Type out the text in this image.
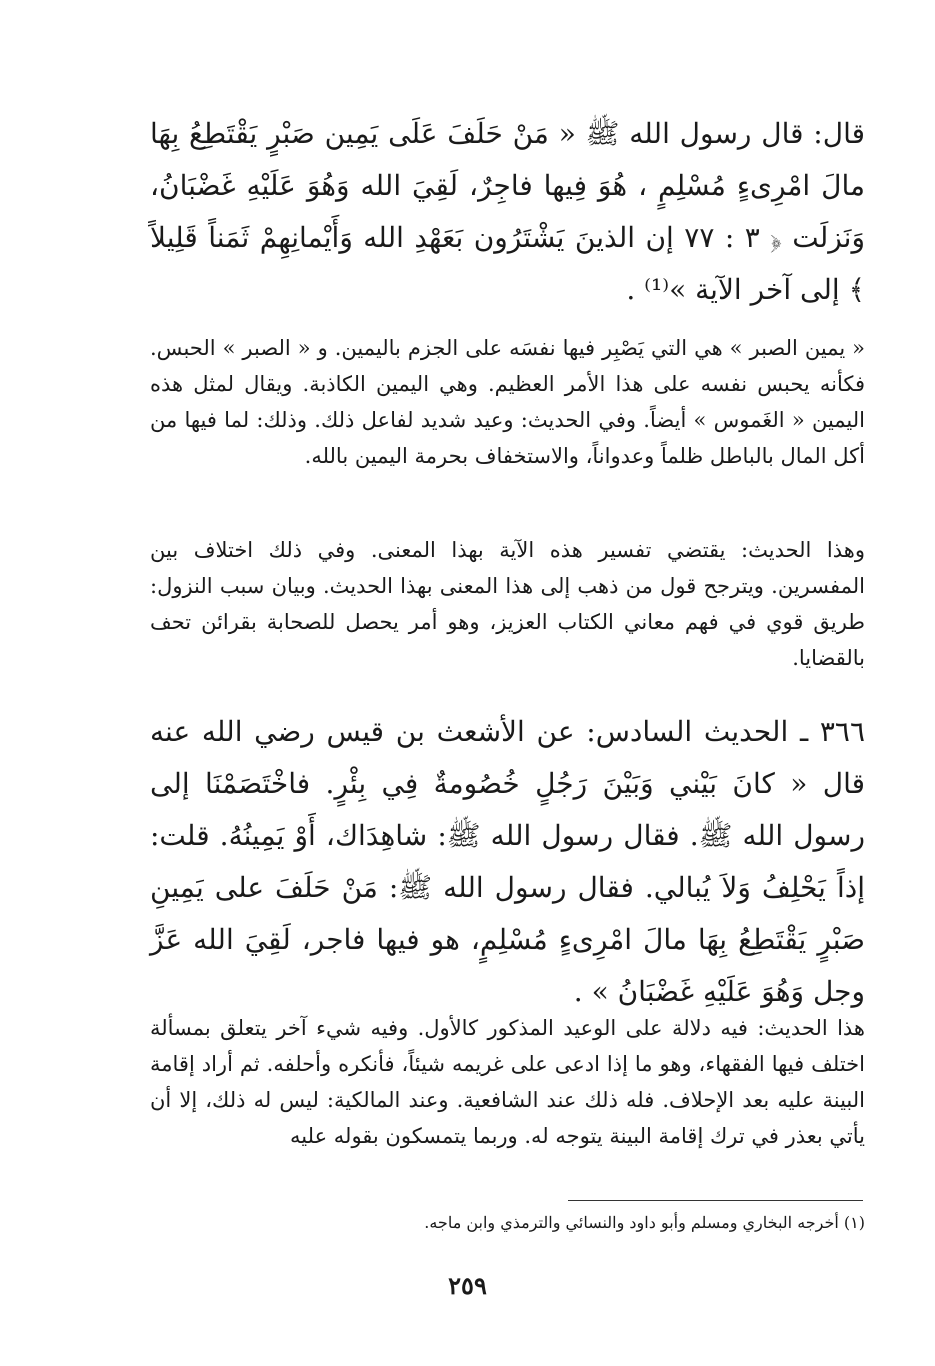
قال: قال رسول الله ﷺ « مَنْ حَلَفَ عَلَى يَمِين صَبْرٍ يَقْتَطِعُ بِهَا مالَ امْرِىءٍ مُسْلِمٍ ، هُوَ فِيها فاجِرٌ، لَقِيَ الله وَهُوَ عَلَيْهِ غَضْبَانُ، وَنَزلَت ﴿ ٣ : ٧٧ إن الذينَ يَشْتَرُون بَعَهْدِ الله وَأَيْمانِهِمْ ثَمَناً قَلِيلاً ﴾ إلى آخر الآية »⁽¹⁾ .

« يمين الصبر » هي التي يَصْبِر فيها نفسَه على الجزم باليمين. و « الصبر » الحبس. فكأنه يحبس نفسه على هذا الأمر العظيم. وهي اليمين الكاذبة. ويقال لمثل هذه اليمين « الغَموس » أيضاً. وفي الحديث: وعيد شديد لفاعل ذلك. وذلك: لما فيها من أكل المال بالباطل ظلماً وعدواناً، والاستخفاف بحرمة اليمين بالله.

وهذا الحديث: يقتضي تفسير هذه الآية بهذا المعنى. وفي ذلك اختلاف بين المفسرين. ويترجح قول من ذهب إلى هذا المعنى بهذا الحديث. وبيان سبب النزول: طريق قوي في فهم معاني الكتاب العزيز، وهو أمر يحصل للصحابة بقرائن تحف بالقضايا.

٣٦٦ ـ الحديث السادس: عن الأشعث بن قيس رضي الله عنه قال « كانَ بَيْني وَبَيْنَ رَجُلٍ خُصُومةٌ فِي بِئْرٍ. فاخْتَصَمْنَا إلى رسول الله ﷺ. فقال رسول الله ﷺ: شاهِدَاك، أَوْ يَمِينُهُ. قلت: إذاً يَحْلِفُ وَلاَ يُبالي. فقال رسول الله ﷺ: مَنْ حَلَفَ على يَمِينِ صَبْرٍ يَقْتَطِعُ بِهَا مالَ امْرِىءٍ مُسْلِمٍ، هو فيها فاجر، لَقِيَ الله عَزَّ وجل وَهُوَ عَلَيْهِ غَضْبَانُ » .

هذا الحديث: فيه دلالة على الوعيد المذكور كالأول. وفيه شيء آخر يتعلق بمسألة اختلف فيها الفقهاء، وهو ما إذا ادعى على غريمه شيئاً، فأنكره وأحلفه. ثم أراد إقامة البينة عليه بعد الإحلاف. فله ذلك عند الشافعية. وعند المالكية: ليس له ذلك، إلا أن يأتي بعذر في ترك إقامة البينة يتوجه له. وربما يتمسكون بقوله عليه

(١) أخرجه البخاري ومسلم وأبو داود والنسائي والترمذي وابن ماجه.

٢٥٩
